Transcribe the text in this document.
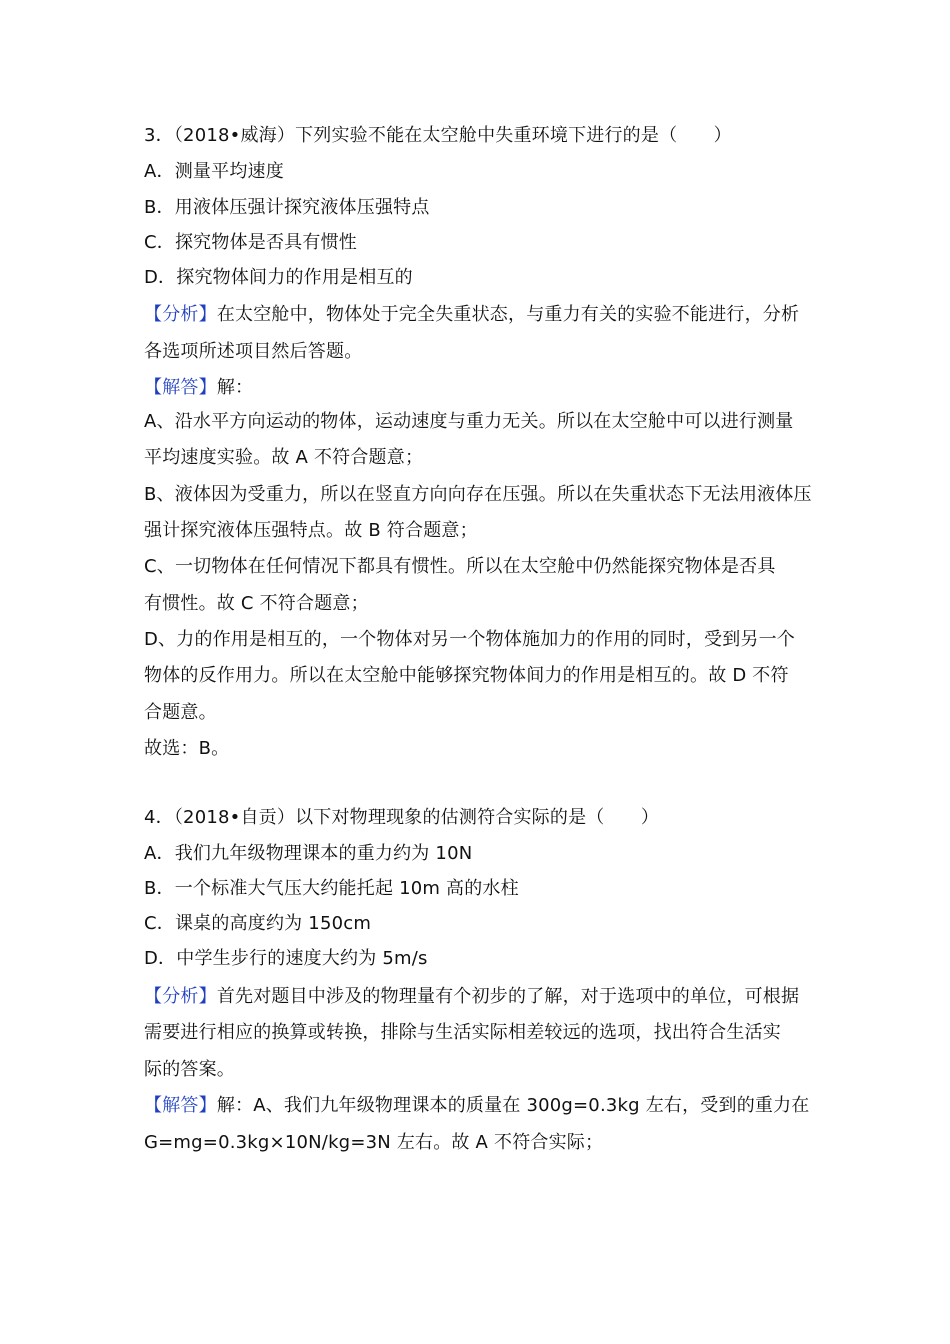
3．（2018•威海）下列实验不能在太空舱中失重环境下进行的是（　　）
A．测量平均速度
B．用液体压强计探究液体压强特点
C．探究物体是否具有惯性
D．探究物体间力的作用是相互的
【分析】在太空舱中，物体处于完全失重状态，与重力有关的实验不能进行，分析
各选项所述项目然后答题。
【解答】解：
A、沿水平方向运动的物体，运动速度与重力无关。所以在太空舱中可以进行测量
平均速度实验。故 A 不符合题意；
B、液体因为受重力，所以在竖直方向向存在压强。所以在失重状态下无法用液体压
强计探究液体压强特点。故 B 符合题意；
C、一切物体在任何情况下都具有惯性。所以在太空舱中仍然能探究物体是否具
有惯性。故 C 不符合题意；
D、力的作用是相互的，一个物体对另一个物体施加力的作用的同时，受到另一个
物体的反作用力。所以在太空舱中能够探究物体间力的作用是相互的。故 D 不符
合题意。
故选：B。
4．（2018•自贡）以下对物理现象的估测符合实际的是（　　）
A．我们九年级物理课本的重力约为 10N
B．一个标准大气压大约能托起 10m 高的水柱
C．课桌的高度约为 150cm
D．中学生步行的速度大约为 5m/s
【分析】首先对题目中涉及的物理量有个初步的了解，对于选项中的单位，可根据
需要进行相应的换算或转换，排除与生活实际相差较远的选项，找出符合生活实
际的答案。
【解答】解：A、我们九年级物理课本的质量在 300g=0.3kg 左右，受到的重力在
G=mg=0.3kg×10N/kg=3N 左右。故 A 不符合实际；
